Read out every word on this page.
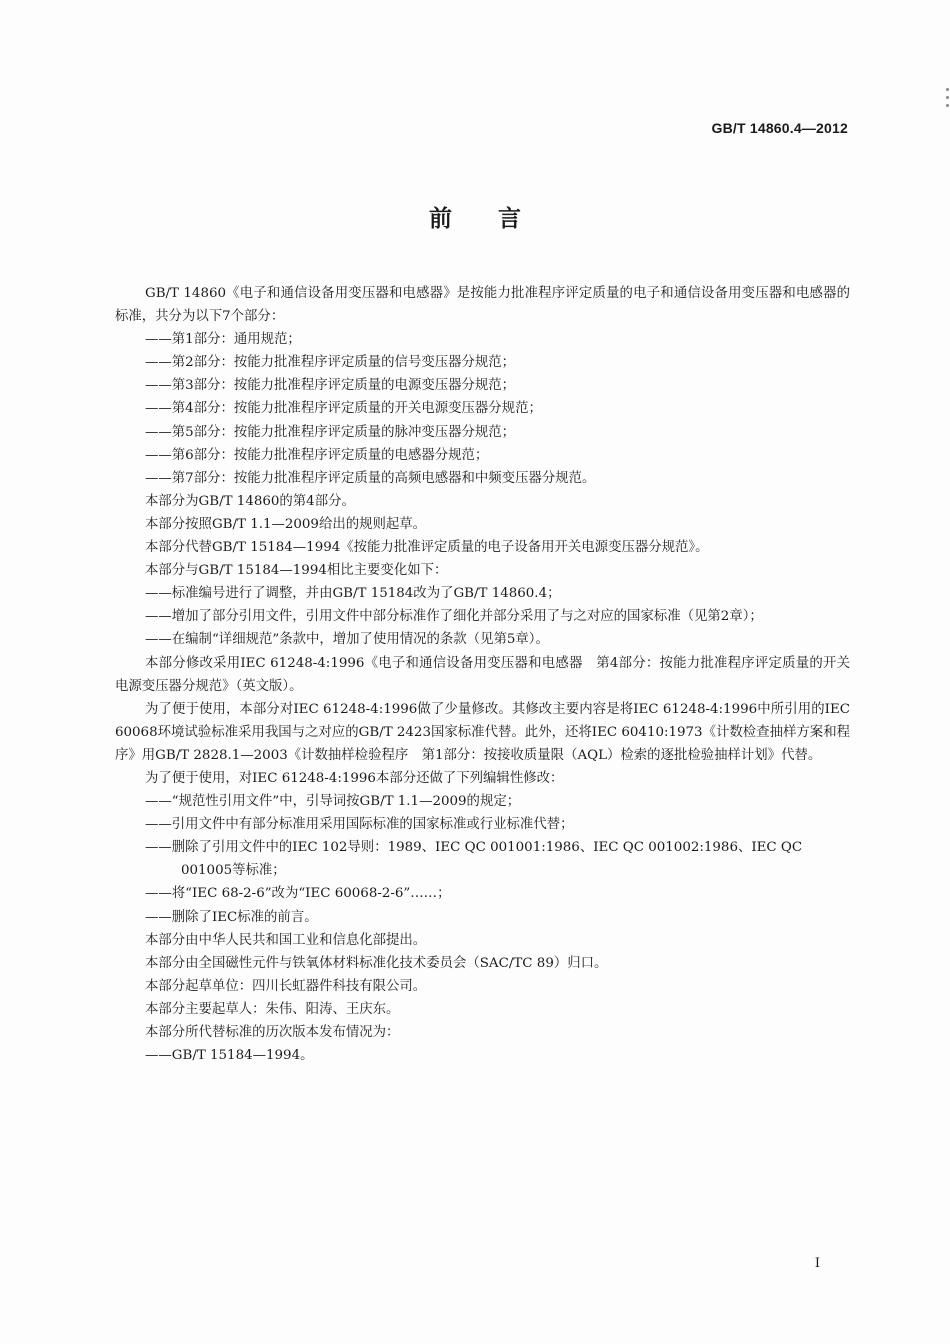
GB/T 14860.4—2012
前言

GB/T 14860《电子和通信设备用变压器和电感器》是按能力批准程序评定质量的电子和通信设备用变压器和电感器的标准，共分为以下7个部分：

——第1部分：通用规范；

——第2部分：按能力批准程序评定质量的信号变压器分规范；

——第3部分：按能力批准程序评定质量的电源变压器分规范；

——第4部分：按能力批准程序评定质量的开关电源变压器分规范；

——第5部分：按能力批准程序评定质量的脉冲变压器分规范；

——第6部分：按能力批准程序评定质量的电感器分规范；

——第7部分：按能力批准程序评定质量的高频电感器和中频变压器分规范。

本部分为GB/T 14860的第4部分。

本部分按照GB/T 1.1—2009给出的规则起草。

本部分代替GB/T 15184—1994《按能力批准评定质量的电子设备用开关电源变压器分规范》。

本部分与GB/T 15184—1994相比主要变化如下：

——标准编号进行了调整，并由GB/T 15184改为了GB/T 14860.4；

——增加了部分引用文件，引用文件中部分标准作了细化并部分采用了与之对应的国家标准（见第2章）；

——在编制“详细规范”条款中，增加了使用情况的条款（见第5章）。

本部分修改采用IEC 61248-4:1996《电子和通信设备用变压器和电感器　第4部分：按能力批准程序评定质量的开关电源变压器分规范》（英文版）。

为了便于使用，本部分对IEC 61248-4:1996做了少量修改。其修改主要内容是将IEC 61248-4:1996中所引用的IEC 60068环境试验标准采用我国与之对应的GB/T 2423国家标准代替。此外，还将IEC 60410:1973《计数检查抽样方案和程序》用GB/T 2828.1—2003《计数抽样检验程序　第1部分：按接收质量限（AQL）检索的逐批检验抽样计划》代替。

为了便于使用，对IEC 61248-4:1996本部分还做了下列编辑性修改：

——“规范性引用文件”中，引导词按GB/T 1.1—2009的规定；

——引用文件中有部分标准用采用国际标准的国家标准或行业标准代替；

——删除了引用文件中的IEC 102导则：1989、IEC QC 001001:1986、IEC QC 001002:1986、IEC QC 001005等标准；

——将“IEC 68-2-6”改为“IEC 60068-2-6”……；

——删除了IEC标准的前言。

本部分由中华人民共和国工业和信息化部提出。

本部分由全国磁性元件与铁氧体材料标准化技术委员会（SAC/TC 89）归口。

本部分起草单位：四川长虹器件科技有限公司。

本部分主要起草人：朱伟、阳涛、王庆东。

本部分所代替标准的历次版本发布情况为：

——GB/T 15184—1994。

I
